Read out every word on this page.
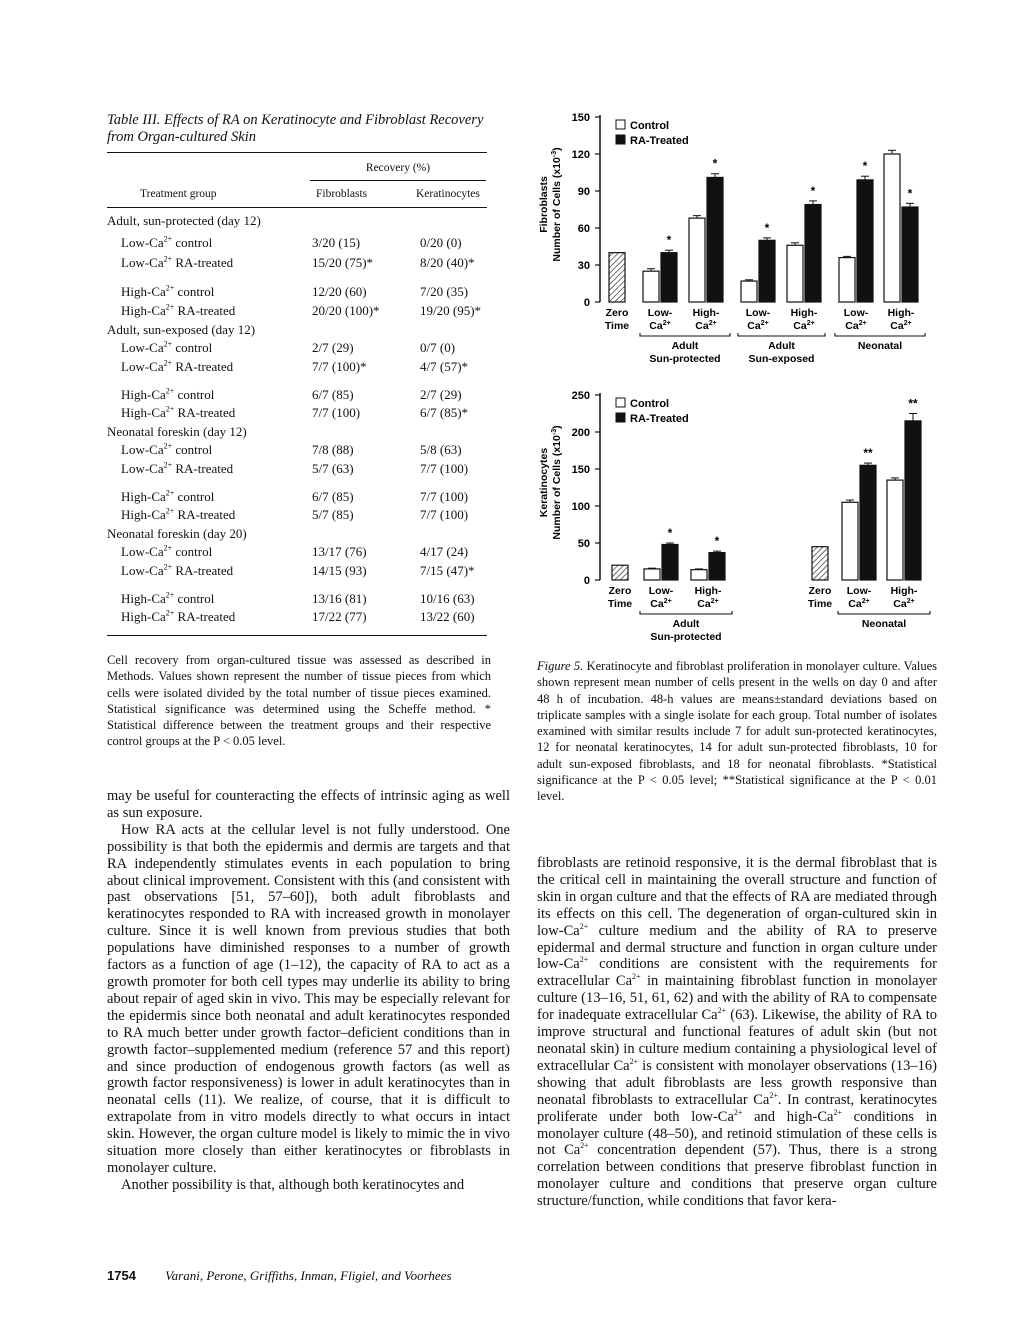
Table III. Effects of RA on Keratinocyte and Fibroblast Recovery from Organ-cultured Skin
Recovery (%)
Treatment group	Fibroblasts	Keratinocytes
Adult, sun-protected (day 12)
Low-$Ca^{2+}$ control	3/20 (15)	0/20 (0)
Low-$Ca^{2+}$ RA-treated	15/20 (75)*	8/20 (40)*
High-$Ca^{2+}$ control	12/20 (60)	7/20 (35)
High-$Ca^{2+}$ RA-treated	20/20 (100)*	19/20 (95)*
Adult, sun-exposed (day 12)
Low-$Ca^{2+}$ control	2/7 (29)	0/7 (0)
Low-$Ca^{2+}$ RA-treated	7/7 (100)*	4/7 (57)*
High-$Ca^{2+}$ control	6/7 (85)	2/7 (29)
High-$Ca^{2+}$ RA-treated	7/7 (100)	6/7 (85)*
Neonatal foreskin (day 12)
Low-$Ca^{2+}$ control	7/8 (88)	5/8 (63)
Low-$Ca^{2+}$ RA-treated	5/7 (63)	7/7 (100)
High-$Ca^{2+}$ control	6/7 (85)	7/7 (100)
High-$Ca^{2+}$ RA-treated	5/7 (85)	7/7 (100)
Neonatal foreskin (day 20)
Low-$Ca^{2+}$ control	13/17 (76)	4/17 (24)
Low-$Ca^{2+}$ RA-treated	14/15 (93)	7/15 (47)*
High-$Ca^{2+}$ control	13/16 (81)	10/16 (63)
High-$Ca^{2+}$ RA-treated	17/22 (77)	13/22 (60)
Cell recovery from organ-cultured tissue was assessed as described in Methods. Values shown represent the number of tissue pieces from which cells were isolated divided by the total number of tissue pieces examined. Statistical significance was determined using the Scheffe method. * Statistical difference between the treatment groups and their respective control groups at the P < 0.05 level.

may be useful for counteracting the effects of intrinsic aging as well as sun exposure.

How RA acts at the cellular level is not fully understood. One possibility is that both the epidermis and dermis are targets and that RA independently stimulates events in each population to bring about clinical improvement. Consistent with this (and consistent with past observations [51, 57–60]), both adult fibroblasts and keratinocytes responded to RA with increased growth in monolayer culture. Since it is well known from previous studies that both populations have diminished responses to a number of growth factors as a function of age (1–12), the capacity of RA to act as a growth promoter for both cell types may underlie its ability to bring about repair of aged skin in vivo. This may be especially relevant for the epidermis since both neonatal and adult keratinocytes responded to RA much better under growth factor–deficient conditions than in growth factor–supplemented medium (reference 57 and this report) and since production of endogenous growth factors (as well as growth factor responsiveness) is lower in adult keratinocytes than in neonatal cells (11). We realize, of course, that it is difficult to extrapolate from in vitro models directly to what occurs in intact skin. However, the organ culture model is likely to mimic the in vivo situation more closely than either keratinocytes or fibroblasts in monolayer culture.

Another possibility is that, although both keratinocytes and

fibroblasts are retinoid responsive, it is the dermal fibroblast that is the critical cell in maintaining the overall structure and function of skin in organ culture and that the effects of RA are mediated through its effects on this cell. The degeneration of organ-cultured skin in low-$Ca^{2+}$ culture medium and the ability of RA to preserve epidermal and dermal structure and function in organ culture under low-$Ca^{2+}$ conditions are consistent with the requirements for extracellular $Ca^{2+}$ in maintaining fibroblast function in monolayer culture (13–16, 51, 61, 62) and with the ability of RA to compensate for inadequate extracellular $Ca^{2+}$ (63). Likewise, the ability of RA to improve structural and functional features of adult skin (but not neonatal skin) in culture medium containing a physiological level of extracellular $Ca^{2+}$ is consistent with monolayer observations (13–16) showing that adult fibroblasts are less growth responsive than neonatal fibroblasts to extracellular $Ca^{2+}$. In contrast, keratinocytes proliferate under both low-$Ca^{2+}$ and high-$Ca^{2+}$ conditions in monolayer culture (48–50), and retinoid stimulation of these cells is not $Ca^{2+}$ concentration dependent (57). Thus, there is a strong correlation between conditions that preserve fibroblast function in monolayer culture and conditions that preserve organ culture structure/function, while conditions that favor kera-

Figure 5. Keratinocyte and fibroblast proliferation in monolayer culture. Values shown represent mean number of cells present in the wells on day 0 and after 48 h of incubation. 48-h values are means±standard deviations based on triplicate samples with a single isolate for each group. Total number of isolates examined with similar results include 7 for adult sun-protected keratinocytes, 12 for neonatal keratinocytes, 14 for adult sun-protected fibroblasts, 10 for adult sun-exposed fibroblasts, and 18 for neonatal fibroblasts. *Statistical significance at the P < 0.05 level; **Statistical significance at the P < 0.01 level.
0
30
60
90
120
150
Fibroblasts Number of Cells $(x10^{-3})$
Control
RA-Treated
Zero
Time
*
Low-
$Ca^{2+}$
*
High-
$Ca^{2+}$
Adult
Sun-protected
*
Low-
$Ca^{2+}$
*
High-
$Ca^{2+}$
Adult
Sun-exposed
*
Low-
$Ca^{2+}$
*
High-
$Ca^{2+}$
Neonatal
0
50
100
150
200
250
Keratinocytes Number of Cells $(x10^{-3})$
Control
RA-Treated
Zero
Time
*
Low-
$Ca^{2+}$
*
High-
$Ca^{2+}$
Adult
Sun-protected
Zero
Time
**
Low-
$Ca^{2+}$
**
High-
$Ca^{2+}$
Neonatal
1754 Varani, Perone, Griffiths, Inman, Fligiel, and Voorhees
